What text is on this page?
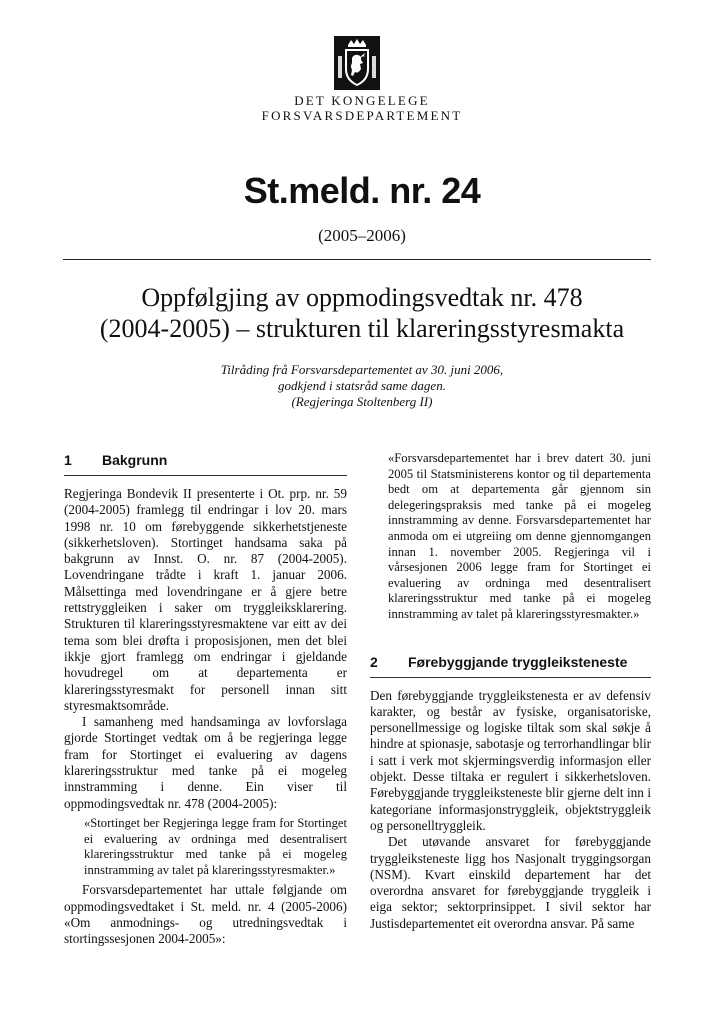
DET KONGELEGE
FORSVARSDEPARTEMENT
St.meld. nr. 24
(2005–2006)
Oppfølgjing av oppmodingsvedtak nr. 478
(2004-2005) – strukturen til klareringsstyresmakta
Tilråding frå Forsvarsdepartementet av 30. juni 2006,
godkjend i statsråd same dagen.
(Regjeringa Stoltenberg II)
1	Bakgrunn

Regjeringa Bondevik II presenterte i Ot. prp. nr. 59 (2004-2005) framlegg til endringar i lov 20. mars 1998 nr. 10 om førebyggende sikkerhetstjeneste (sikkerhetsloven). Stortinget handsama saka på bakgrunn av Innst. O. nr. 87 (2004-2005). Lovendringane trådte i kraft 1. januar 2006. Målsettinga med lovendringane er å gjere betre rettstryggleiken i saker om tryggleiksklarering. Strukturen til klareringsstyresmaktene var eitt av dei tema som blei drøfta i proposisjonen, men det blei ikkje gjort framlegg om endringar i gjeldande hovudregel om at departementa er klareringsstyresmakt for personell innan sitt styresmaktsområde.

I samanheng med handsaminga av lovforslaga gjorde Stortinget vedtak om å be regjeringa legge fram for Stortinget ei evaluering av dagens klareringsstruktur med tanke på ei mogeleg innstramming i denne. Ein viser til oppmodingsvedtak nr. 478 (2004-2005):

«Stortinget ber Regjeringa legge fram for Stortinget ei evaluering av ordninga med desentralisert klareringsstruktur med tanke på ei mogeleg innstramming av talet på klareringsstyresmakter.»

Forsvarsdepartementet har uttale følgjande om oppmodingsvedtaket i St. meld. nr. 4 (2005-2006) «Om anmodnings- og utredningsvedtak i stortingssesjonen 2004-2005»:

«Forsvarsdepartementet har i brev datert 30. juni 2005 til Statsministerens kontor og til departementa bedt om at departementa går gjennom sin delegeringspraksis med tanke på ei mogeleg innstramming av denne. Forsvarsdepartementet har anmoda om ei utgreiing om denne gjennomgangen innan 1. november 2005. Regjeringa vil i vårsesjonen 2006 legge fram for Stortinget ei evaluering av ordninga med desentralisert klareringsstruktur med tanke på ei mogeleg innstramming av talet på klareringsstyresmakter.»

2	Førebyggjande tryggleiksteneste

Den førebyggjande tryggleikstenesta er av defensiv karakter, og består av fysiske, organisatoriske, personellmessige og logiske tiltak som skal søkje å hindre at spionasje, sabotasje og terrorhandlingar blir i satt i verk mot skjermingsverdig informasjon eller objekt. Desse tiltaka er regulert i sikkerhetsloven. Førebyggjande tryggleiksteneste blir gjerne delt inn i kategoriane informasjonstryggleik, objektstryggleik og personelltryggleik.

Det utøvande ansvaret for førebyggjande tryggleiksteneste ligg hos Nasjonalt tryggingsorgan (NSM). Kvart einskild departement har det overordna ansvaret for førebyggjande tryggleik i eiga sektor; sektorprinsippet. I sivil sektor har Justisdepartementet eit overordna ansvar. På same
